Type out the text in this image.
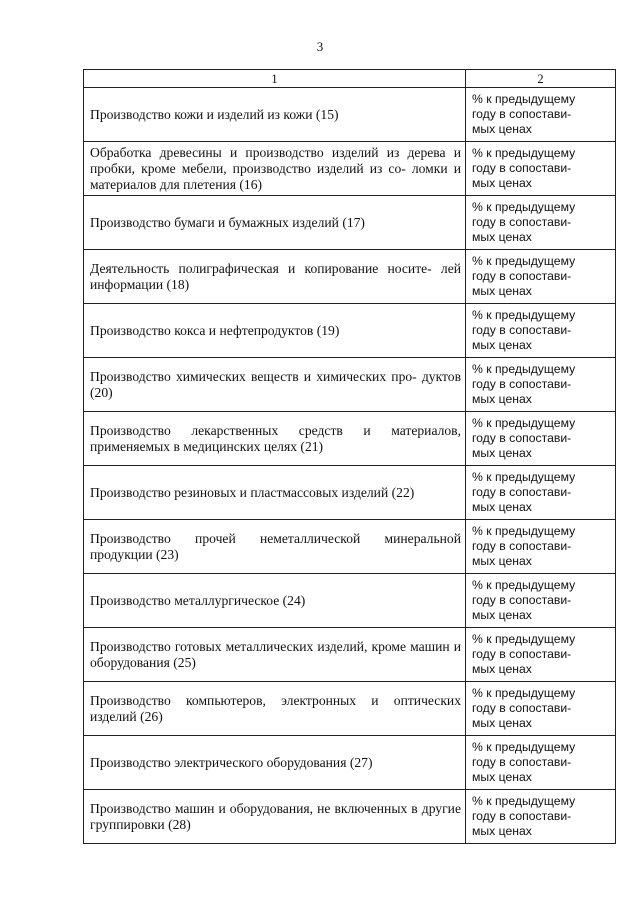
3
1	2
Производство кожи и изделий из кожи (15)	% к предыдущему
году в сопостави-
мых ценах

Обработка древесины и производство изделий из дерева и пробки, кроме мебели, производство изделий из со- ломки и материалов для плетения (16)	% к предыдущему
году в сопостави-
мых ценах

Производство бумаги и бумажных изделий (17)	% к предыдущему
году в сопостави-
мых ценах

Деятельность полиграфическая и копирование носите- лей информации (18)	% к предыдущему
году в сопостави-
мых ценах

Производство кокса и нефтепродуктов (19)	% к предыдущему
году в сопостави-
мых ценах

Производство химических веществ и химических про- дуктов (20)	% к предыдущему
году в сопостави-
мых ценах

Производство лекарственных средств и материалов, применяемых в медицинских целях (21)	% к предыдущему
году в сопостави-
мых ценах

Производство резиновых и пластмассовых изделий (22)	% к предыдущему
году в сопостави-
мых ценах

Производство прочей неметаллической минеральной продукции (23)	% к предыдущему
году в сопостави-
мых ценах

Производство металлургическое (24)	% к предыдущему
году в сопостави-
мых ценах

Производство готовых металлических изделий, кроме машин и оборудования (25)	% к предыдущему
году в сопостави-
мых ценах

Производство компьютеров, электронных и оптических изделий (26)	% к предыдущему
году в сопостави-
мых ценах

Производство электрического оборудования (27)	% к предыдущему
году в сопостави-
мых ценах

Производство машин и оборудования, не включенных в другие группировки (28)	% к предыдущему
году в сопостави-
мых ценах
